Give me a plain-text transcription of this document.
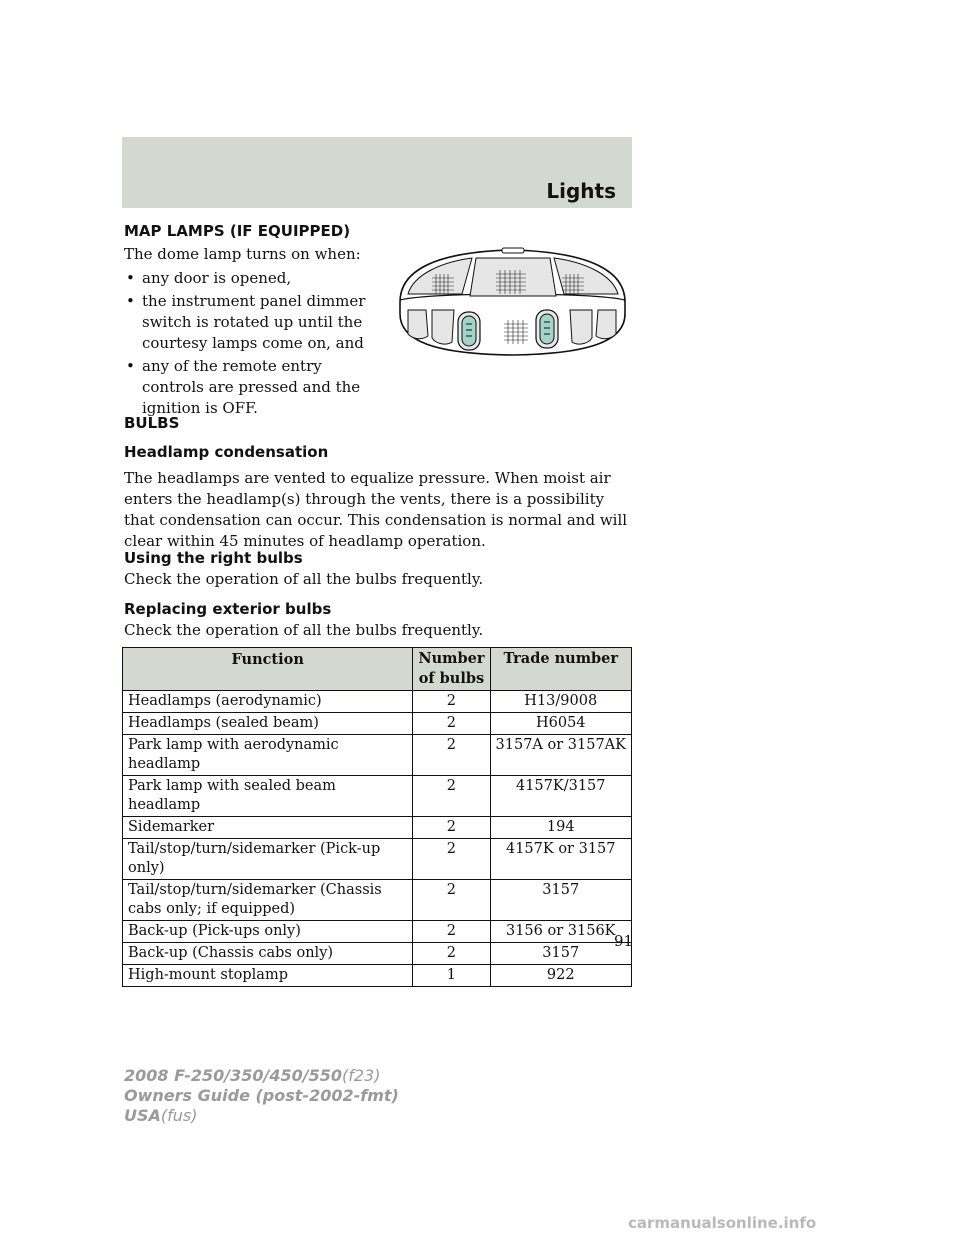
Lights
MAP LAMPS (IF EQUIPPED)

The dome lamp turns on when:

• any door is opened,
• the instrument panel dimmer switch is rotated up until the courtesy lamps come on, and
• any of the remote entry controls are pressed and the ignition is OFF.
BULBS
Headlamp condensation

The headlamps are vented to equalize pressure. When moist air enters the headlamp(s) through the vents, there is a possibility that condensation can occur. This condensation is normal and will clear within 45 minutes of headlamp operation.

Using the right bulbs

Check the operation of all the bulbs frequently.

Replacing exterior bulbs

Check the operation of all the bulbs frequently.

Function	Number of bulbs	Trade number
Headlamps (aerodynamic)	2	H13/9008
Headlamps (sealed beam)	2	H6054
Park lamp with aerodynamic headlamp	2	3157A or 3157AK
Park lamp with sealed beam headlamp	2	4157K/3157
Sidemarker	2	194
Tail/stop/turn/sidemarker (Pick-up only)	2	4157K or 3157
Tail/stop/turn/sidemarker (Chassis cabs only; if equipped)	2	3157
Back-up (Pick-ups only)	2	3156 or 3156K
Back-up (Chassis cabs only)	2	3157
High-mount stoplamp	1	922
91
2008 F-250/350/450/550(f23)
Owners Guide (post-2002-fmt)
USA(fus)
carmanualsonline.info
